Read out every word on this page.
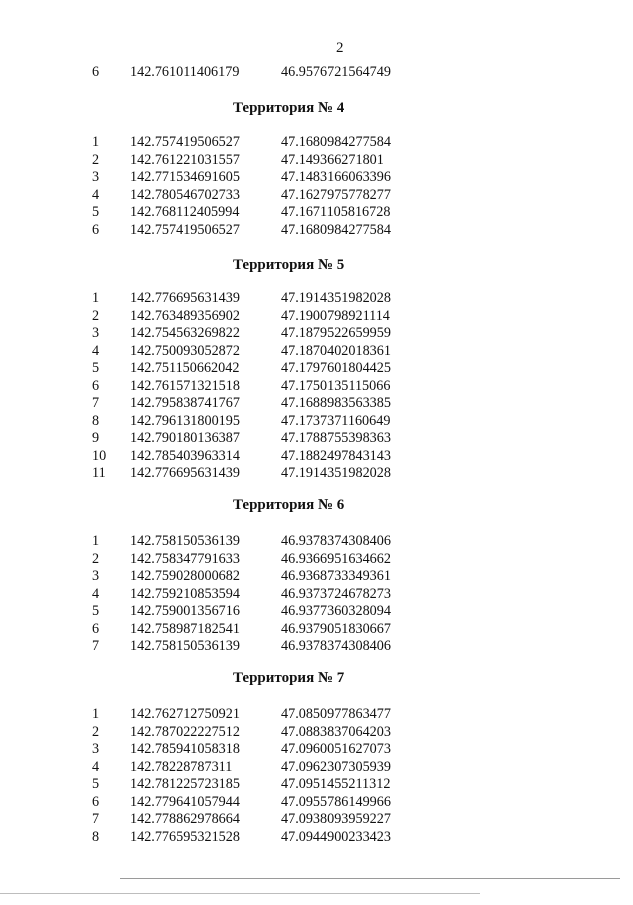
2
6	142.761011406179	46.9576721564749
Территория № 4
1	142.757419506527	47.1680984277584
2	142.761221031557	47.149366271801
3	142.771534691605	47.1483166063396
4	142.780546702733	47.1627975778277
5	142.768112405994	47.1671105816728
6	142.757419506527	47.1680984277584
Территория № 5
1	142.776695631439	47.1914351982028
2	142.763489356902	47.1900798921114
3	142.754563269822	47.1879522659959
4	142.750093052872	47.1870402018361
5	142.751150662042	47.1797601804425
6	142.761571321518	47.1750135115066
7	142.795838741767	47.1688983563385
8	142.796131800195	47.1737371160649
9	142.790180136387	47.1788755398363
10	142.785403963314	47.1882497843143
11	142.776695631439	47.1914351982028
Территория № 6
1	142.758150536139	46.9378374308406
2	142.758347791633	46.9366951634662
3	142.759028000682	46.9368733349361
4	142.759210853594	46.9373724678273
5	142.759001356716	46.9377360328094
6	142.758987182541	46.9379051830667
7	142.758150536139	46.9378374308406
Территория № 7
1	142.762712750921	47.0850977863477
2	142.787022227512	47.0883837064203
3	142.785941058318	47.0960051627073
4	142.78228787311	47.0962307305939
5	142.781225723185	47.0951455211312
6	142.779641057944	47.0955786149966
7	142.778862978664	47.0938093959227
8	142.776595321528	47.0944900233423
